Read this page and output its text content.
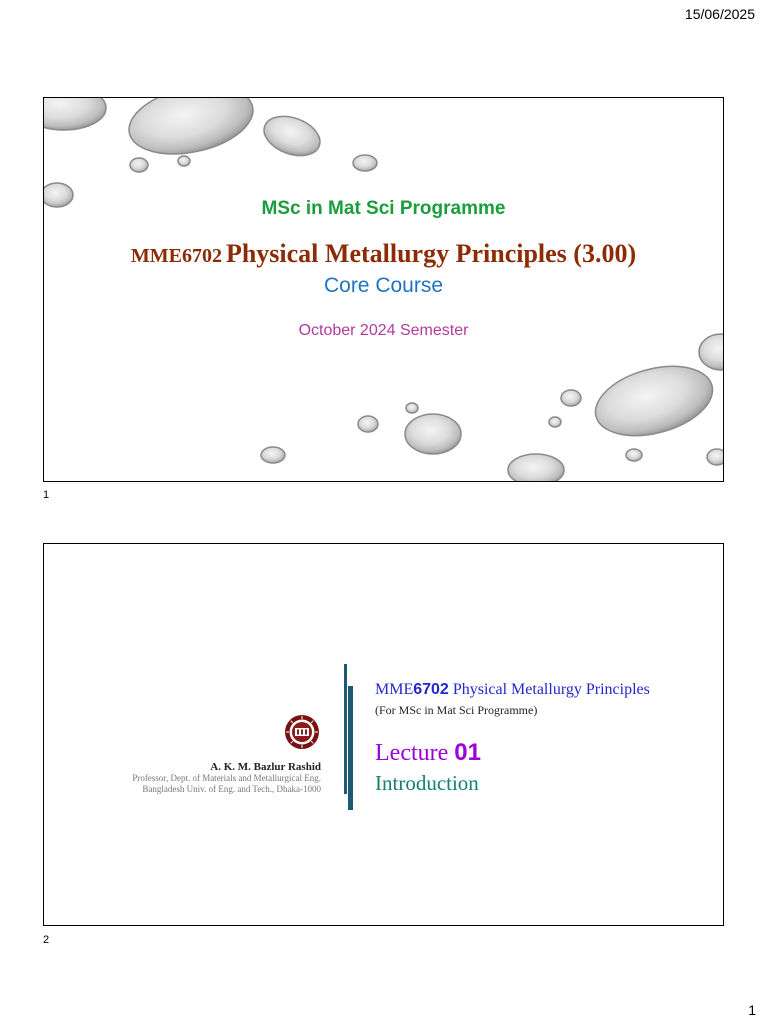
15/06/2025
MSc in Mat Sci Programme
MME6702 Physical Metallurgy Principles (3.00)
Core Course
October 2024 Semester
1
A. K. M. Bazlur Rashid
Professor, Dept. of Materials and Metallurgical Eng.
Bangladesh Univ. of Eng. and Tech., Dhaka-1000
MME6702 Physical Metallurgy Principles
(For MSc in Mat Sci Programme)
Lecture 01
Introduction
2
1
